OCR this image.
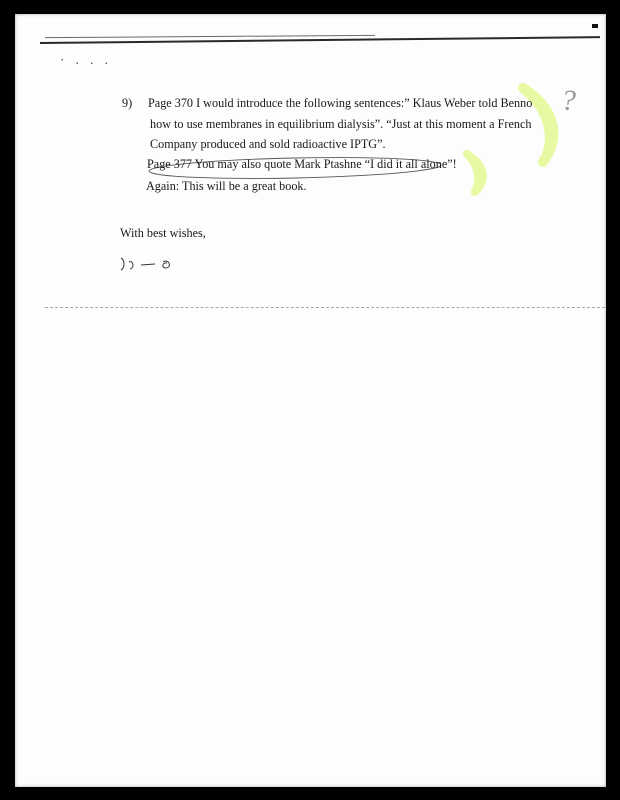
· . . .
?
9) Page 370 I would introduce the following sentences:” Klaus Weber told Benno
how to use membranes in equilibrium dialysis”. “Just at this moment a French
Company produced and sold radioactive IPTG”.
Page 377 You may also quote Mark Ptashne “I did it all alone”!
Again: This will be a great book.
With best wishes,
